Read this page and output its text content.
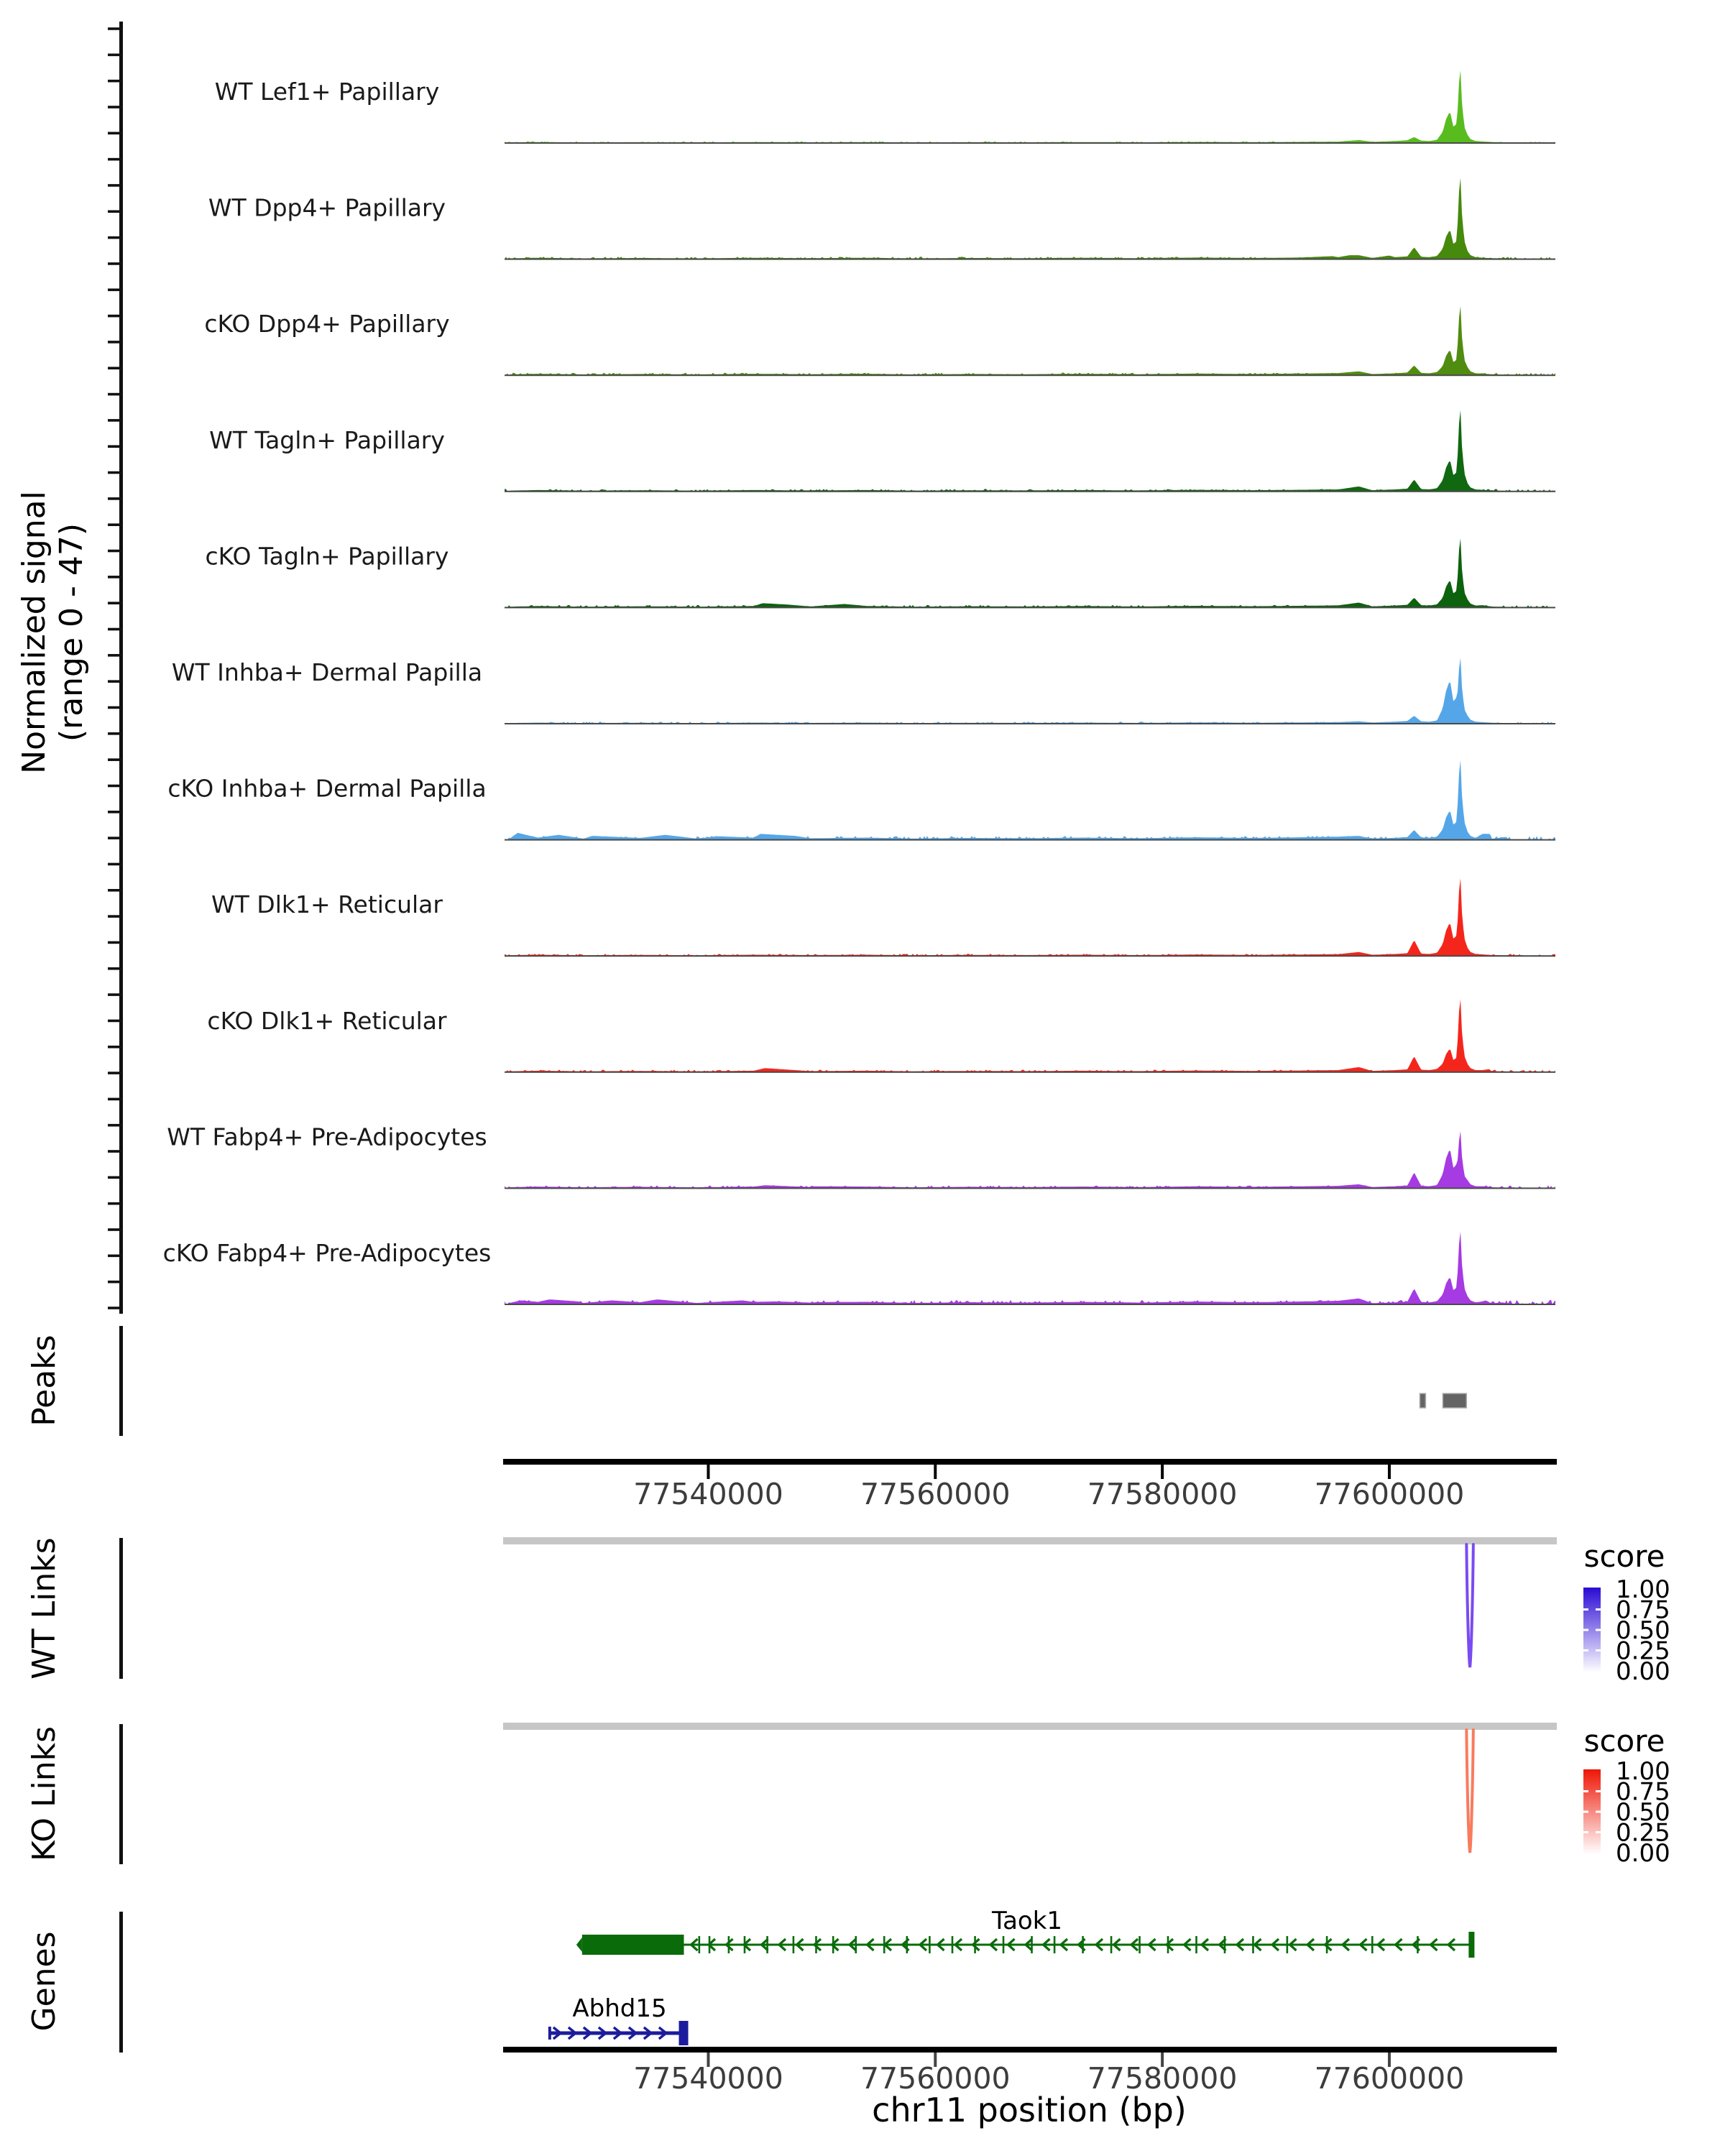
WT Lef1+ Papillary
WT Dpp4+ Papillary
cKO Dpp4+ Papillary
WT Tagln+ Papillary
cKO Tagln+ Papillary
WT Inhba+ Dermal Papilla
cKO Inhba+ Dermal Papilla
WT Dlk1+ Reticular
cKO Dlk1+ Reticular
WT Fabp4+ Pre-Adipocytes
cKO Fabp4+ Pre-Adipocytes
77540000	77560000	77580000	77600000
1.00
0.75
0.50
0.25
0.00
1.00
0.75
0.50
0.25
0.00
77540000	77560000	77580000	77600000
Normalized signal (range 0 - 47)
Peaks
WT Links
KO Links
Genes
score
score
Taok1
Abhd15
chr11 position (bp)
